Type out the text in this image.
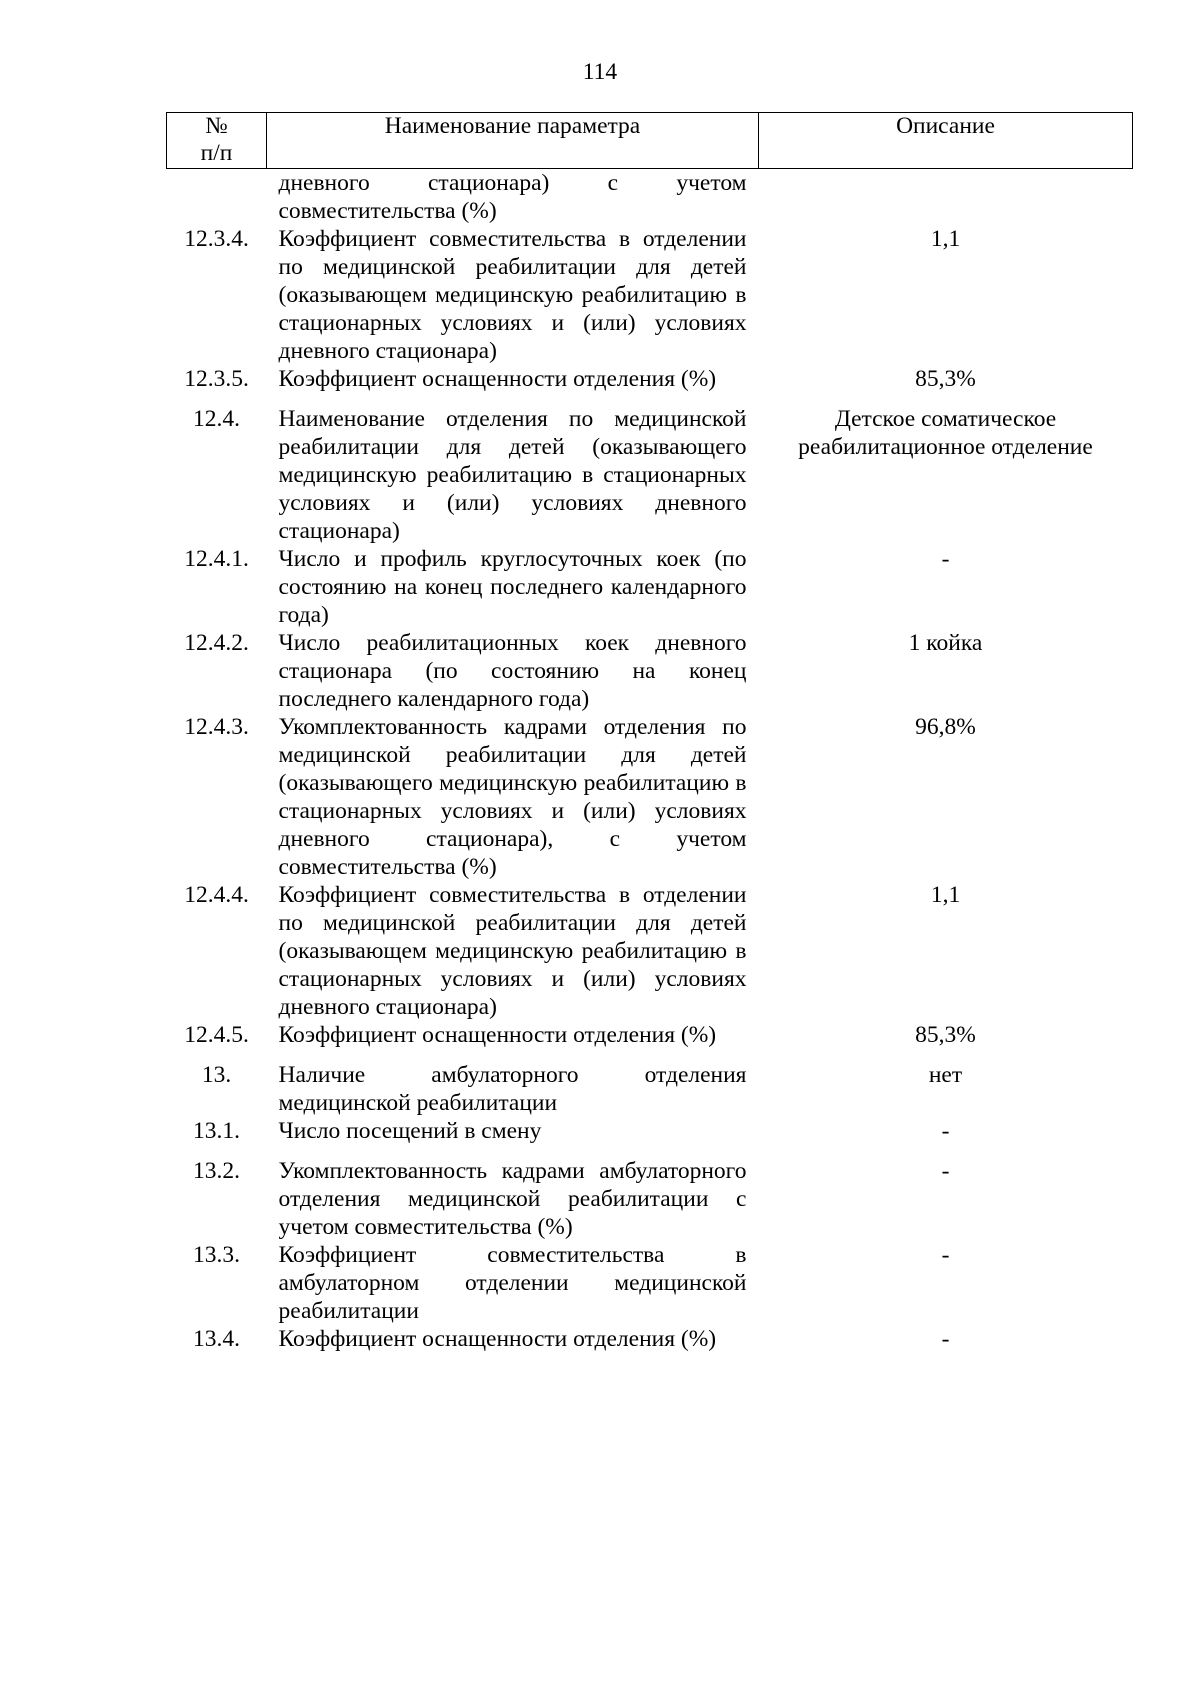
114
№ п/п	Наименование параметра	Описание
	дневного стационара) с учетом совместительства (%)	
12.3.4.	Коэффициент совместительства в отделении по медицинской реабилитации для детей (оказывающем медицинскую реабилитацию в стационарных условиях и (или) условиях дневного стационара)	1,1
12.3.5.	Коэффициент оснащенности отделения (%)	85,3%
12.4.	Наименование отделения по медицинской реабилитации для детей (оказывающего медицинскую реабилитацию в стационарных условиях и (или) условиях дневного стационара)	Детское соматическое реабилитационное отделение
12.4.1.	Число и профиль круглосуточных коек (по состоянию на конец последнего календарного года)	-
12.4.2.	Число реабилитационных коек дневного стационара (по состоянию на конец последнего календарного года)	1 койка
12.4.3.	Укомплектованность кадрами отделения по медицинской реабилитации для детей (оказывающего медицинскую реабилитацию в стационарных условиях и (или) условиях дневного стационара), с учетом совместительства (%)	96,8%
12.4.4.	Коэффициент совместительства в отделении по медицинской реабилитации для детей (оказывающем медицинскую реабилитацию в стационарных условиях и (или) условиях дневного стационара)	1,1
12.4.5.	Коэффициент оснащенности отделения (%)	85,3%
13.	Наличие амбулаторного отделения медицинской реабилитации	нет
13.1.	Число посещений в смену	-
13.2.	Укомплектованность кадрами амбулаторного отделения медицинской реабилитации с учетом совместительства (%)	-
13.3.	Коэффициент совместительства в амбулаторном отделении медицинской реабилитации	-
13.4.	Коэффициент оснащенности отделения (%)	-
